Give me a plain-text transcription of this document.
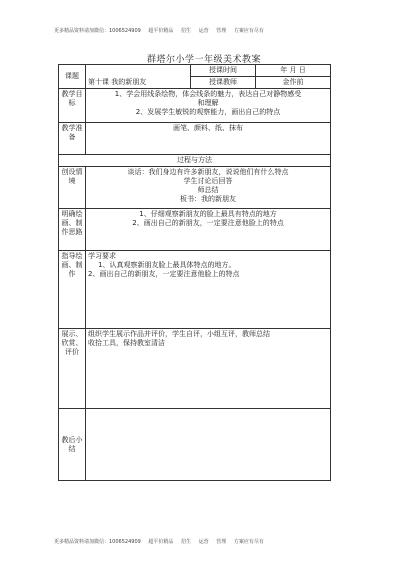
更多精品资料请加微信：1006524909 超平价精品 招生 运营 管理 方案应有尽有
群塔尔小学一年级美术教案
课题	第十课 我的新朋友	授课时间	年 月 日
		授课教师	金作前
教学目标	1、学会用线条绘物，体会线条的魅力，表达自己对静物感受

和理解

2、发展学生敏锐的观察能力，画出自己的特点		

教学准备	画笔、颜料、纸、抹布		
过程与方法			
创设情境	谈话：我们身边有许多新朋友，说说他们有什么特点

学生讨论后回答

师总结

板书：我的新朋友		

明确绘画、制作思路	1、仔细观察新朋友的脸上最具有特点的地方

2、画出自己的新朋友，一定要注意他脸上的特点		

指导绘画、制作	学习要求

1、认真观察新朋友脸上最具体特点的地方。

2、画出自己的新朋友，一定要注意他脸上的特点		

展示、欣赏、评价	组织学生展示作品并评价，学生自评，小组互评，教师总结

收拾工具，保持教室清洁		

教后小结			
更多精品资料请加微信：1006524909 超平价精品 招生 运营 管理 方案应有尽有
